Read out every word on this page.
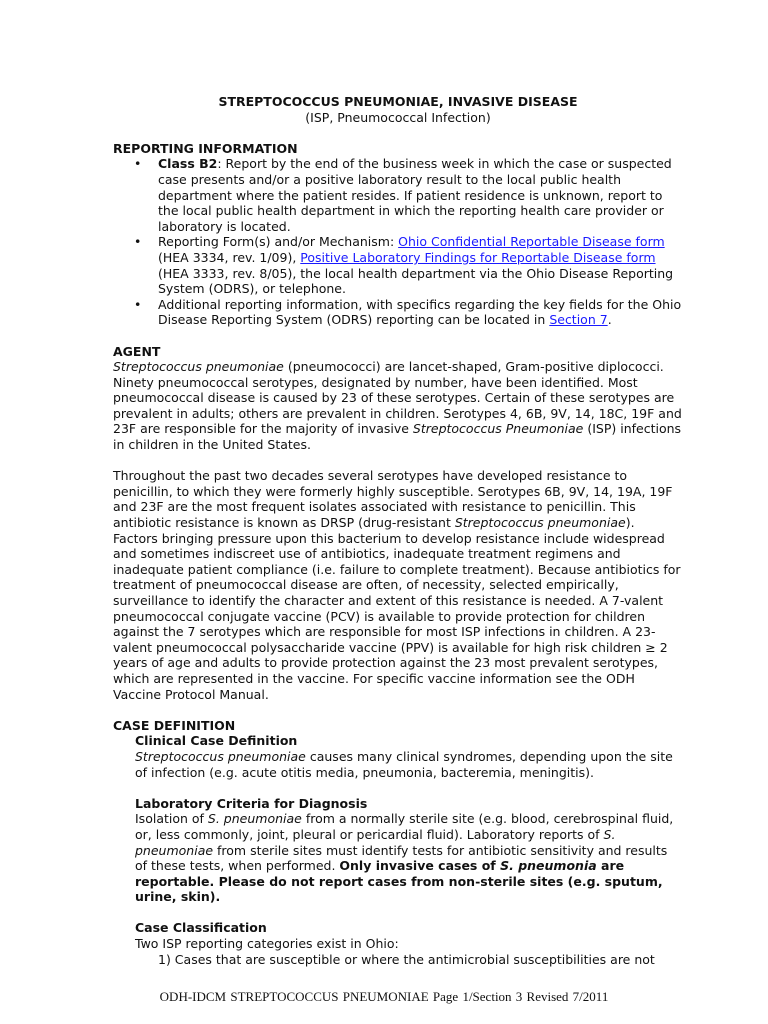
STREPTOCOCCUS PNEUMONIAE, INVASIVE DISEASE

(ISP, Pneumococcal Infection)

REPORTING INFORMATION

• Class B2: Report by the end of the business week in which the case or suspected case presents and/or a positive laboratory result to the local public health department where the patient resides. If patient residence is unknown, report to the local public health department in which the reporting health care provider or laboratory is located.
• Reporting Form(s) and/or Mechanism: Ohio Confidential Reportable Disease form (HEA 3334, rev. 1/09), Positive Laboratory Findings for Reportable Disease form (HEA 3333, rev. 8/05), the local health department via the Ohio Disease Reporting System (ODRS), or telephone.
• Additional reporting information, with specifics regarding the key fields for the Ohio Disease Reporting System (ODRS) reporting can be located in Section 7.

AGENT

Streptococcus pneumoniae (pneumococci) are lancet-shaped, Gram-positive diplococci. Ninety pneumococcal serotypes, designated by number, have been identified. Most pneumococcal disease is caused by 23 of these serotypes. Certain of these serotypes are prevalent in adults; others are prevalent in children. Serotypes 4, 6B, 9V, 14, 18C, 19F and 23F are responsible for the majority of invasive Streptococcus Pneumoniae (ISP) infections in children in the United States.

Throughout the past two decades several serotypes have developed resistance to penicillin, to which they were formerly highly susceptible. Serotypes 6B, 9V, 14, 19A, 19F and 23F are the most frequent isolates associated with resistance to penicillin. This antibiotic resistance is known as DRSP (drug-resistant Streptococcus pneumoniae). Factors bringing pressure upon this bacterium to develop resistance include widespread and sometimes indiscreet use of antibiotics, inadequate treatment regimens and inadequate patient compliance (i.e. failure to complete treatment). Because antibiotics for treatment of pneumococcal disease are often, of necessity, selected empirically, surveillance to identify the character and extent of this resistance is needed. A 7-valent pneumococcal conjugate vaccine (PCV) is available to provide protection for children against the 7 serotypes which are responsible for most ISP infections in children. A 23-valent pneumococcal polysaccharide vaccine (PPV) is available for high risk children ≥ 2 years of age and adults to provide protection against the 23 most prevalent serotypes, which are represented in the vaccine. For specific vaccine information see the ODH Vaccine Protocol Manual.

CASE DEFINITION

Clinical Case Definition

Streptococcus pneumoniae causes many clinical syndromes, depending upon the site of infection (e.g. acute otitis media, pneumonia, bacteremia, meningitis).

Laboratory Criteria for Diagnosis

Isolation of S. pneumoniae from a normally sterile site (e.g. blood, cerebrospinal fluid, or, less commonly, joint, pleural or pericardial fluid). Laboratory reports of S. pneumoniae from sterile sites must identify tests for antibiotic sensitivity and results of these tests, when performed. Only invasive cases of S. pneumonia are reportable. Please do not report cases from non-sterile sites (e.g. sputum, urine, skin).

Case Classification

Two ISP reporting categories exist in Ohio:

1) Cases that are susceptible or where the antimicrobial susceptibilities are not

ODH-IDCM STREPTOCOCCUS PNEUMONIAE Page 1/Section 3 Revised 7/2011
